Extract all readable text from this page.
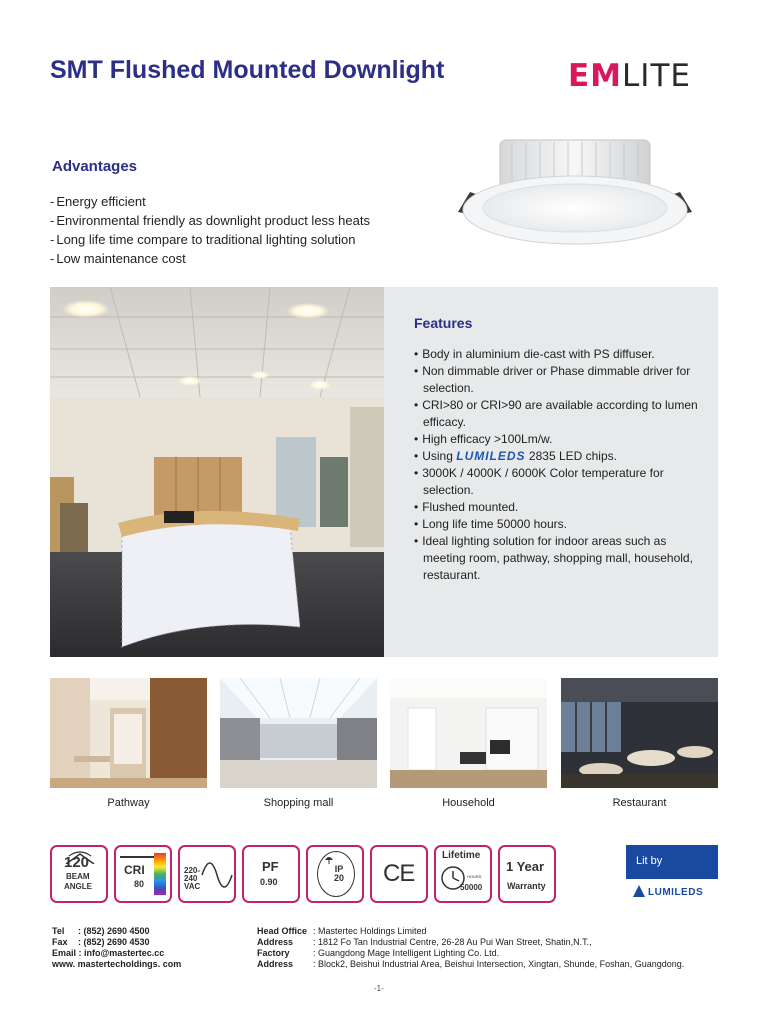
SMT Flushed Mounted Downlight	EMLITE
Advantages
- Energy efficient
- Environmental friendly as downlight product less heats
- Long life time compare to traditional lighting solution
- Low maintenance cost
Features
• Body in aluminium die-cast with PS diffuser.
• Non dimmable driver or Phase dimmable driver for selection.
• CRI>80 or CRI>90 are available according to lumen efficacy.
• High efficacy >100Lm/w.
• Using LUMILEDS 2835 LED chips.
• 3000K / 4000K / 6000K Color temperature for selection.
• Flushed mounted.
• Long life time 50000 hours.
• Ideal lighting solution for indoor areas such as meeting room, pathway, shopping mall, household, restaurant.
Pathway	Shopping mall	Household	Restaurant
120
BEAM
ANGLE
CRI
80
220-
240
VAC
PF
0.90
IP
20 CE
Lifetime
HOURS
50000
1 Year
Warranty
Lit by
LUMILEDS
Tel : (852) 2690 4500
Fax : (852) 2690 4530
Email : info@mastertec.cc
www. mastertecholdings. com
Head Office : Mastertec Holdings Limited
Address : 1812 Fo Tan Industrial Centre, 26-28 Au Pui Wan Street, Shatin,N.T.,
Factory	: Guangdong Mage Intelligent Lighting Co. Ltd.
Address : Block2, Beishui Industrial Area, Beishui Intersection, Xingtan, Shunde, Foshan, Guangdong.
-1-
